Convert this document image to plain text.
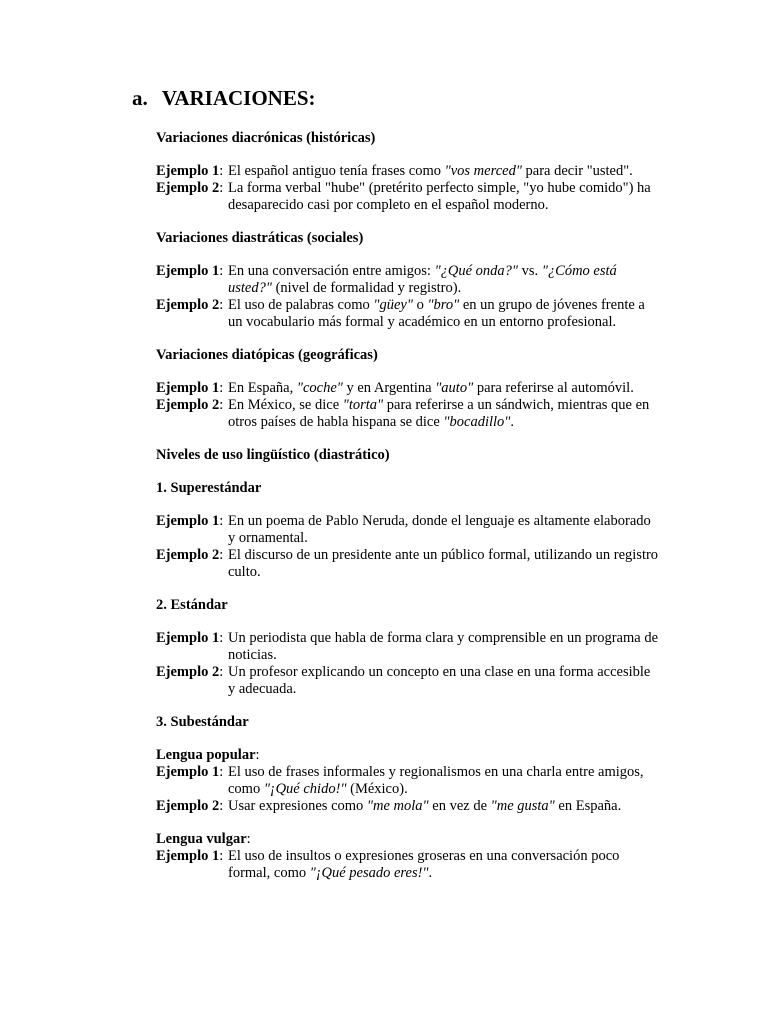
a. VARIACIONES:
Variaciones diacrónicas (históricas)
Ejemplo 1: El español antiguo tenía frases como "vos merced" para decir "usted".
Ejemplo 2: La forma verbal "hube" (pretérito perfecto simple, "yo hube comido") ha desaparecido casi por completo en el español moderno.
Variaciones diastráticas (sociales)
Ejemplo 1: En una conversación entre amigos: "¿Qué onda?" vs. "¿Cómo está usted?" (nivel de formalidad y registro).
Ejemplo 2: El uso de palabras como "güey" o "bro" en un grupo de jóvenes frente a un vocabulario más formal y académico en un entorno profesional.
Variaciones diatópicas (geográficas)
Ejemplo 1: En España, "coche" y en Argentina "auto" para referirse al automóvil.
Ejemplo 2: En México, se dice "torta" para referirse a un sándwich, mientras que en otros países de habla hispana se dice "bocadillo".
Niveles de uso lingüístico (diastrático)
1. Superestándar
Ejemplo 1: En un poema de Pablo Neruda, donde el lenguaje es altamente elaborado y ornamental.
Ejemplo 2: El discurso de un presidente ante un público formal, utilizando un registro culto.
2. Estándar
Ejemplo 1: Un periodista que habla de forma clara y comprensible en un programa de noticias.
Ejemplo 2: Un profesor explicando un concepto en una clase en una forma accesible y adecuada.
3. Subestándar
Lengua popular:
Ejemplo 1: El uso de frases informales y regionalismos en una charla entre amigos, como "¡Qué chido!" (México).
Ejemplo 2: Usar expresiones como "me mola" en vez de "me gusta" en España.
Lengua vulgar:
Ejemplo 1: El uso de insultos o expresiones groseras en una conversación poco formal, como "¡Qué pesado eres!".
